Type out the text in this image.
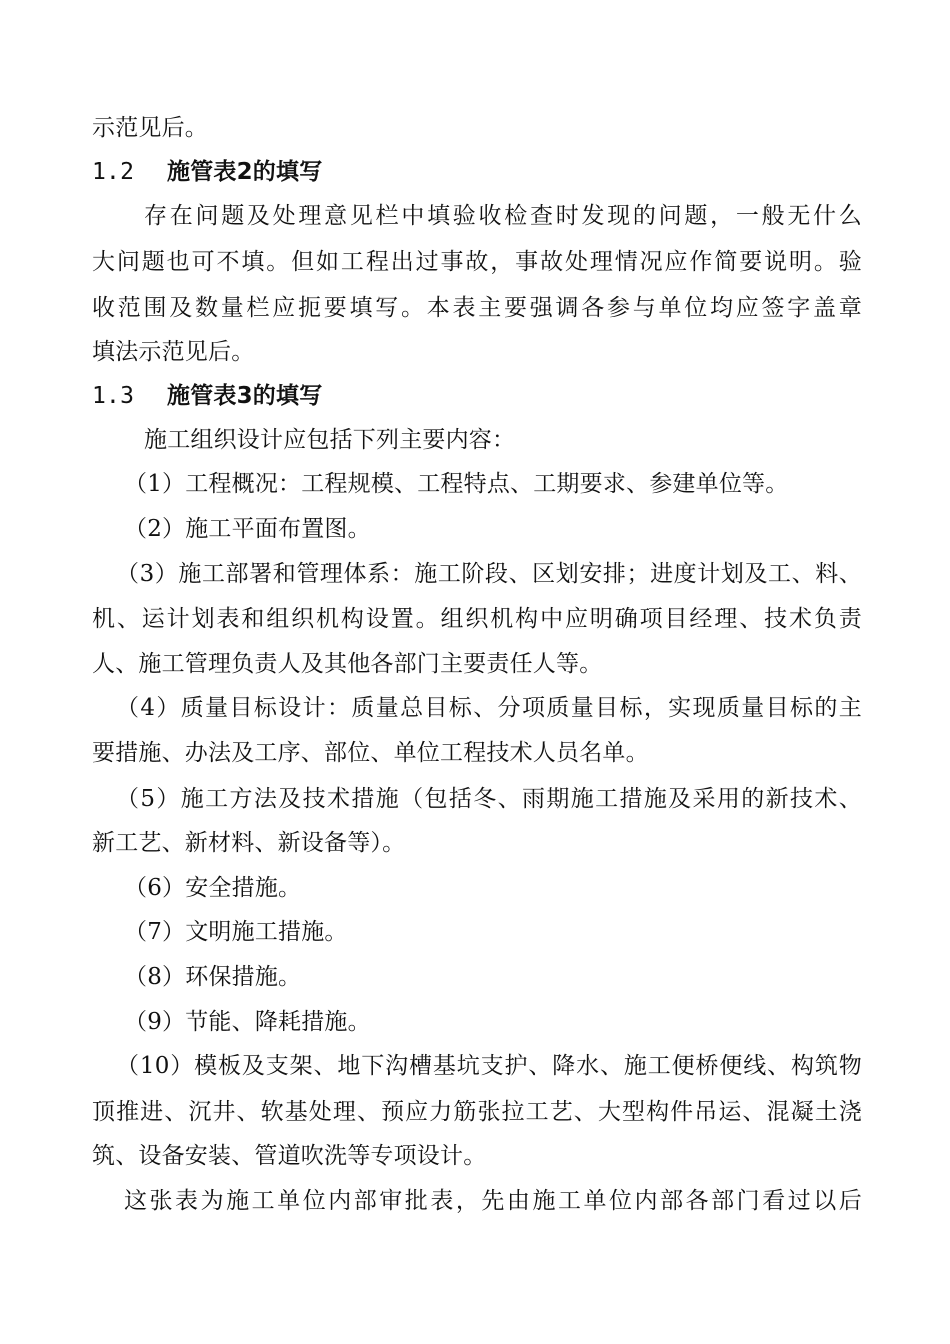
示范见后。
1.2 施管表2的填写
存在问题及处理意见栏中填验收检查时发现的问题，一般无什么
大问题也可不填。但如工程出过事故，事故处理情况应作简要说明。验
收范围及数量栏应扼要填写。本表主要强调各参与单位均应签字盖章
填法示范见后。
1.3 施管表3的填写
施工组织设计应包括下列主要内容：
（1）工程概况：工程规模、工程特点、工期要求、参建单位等。
（2）施工平面布置图。
（3）施工部署和管理体系：施工阶段、区划安排；进度计划及工、料、
机、运计划表和组织机构设置。组织机构中应明确项目经理、技术负责
人、施工管理负责人及其他各部门主要责任人等。
（4）质量目标设计：质量总目标、分项质量目标，实现质量目标的主
要措施、办法及工序、部位、单位工程技术人员名单。
（5）施工方法及技术措施（包括冬、雨期施工措施及采用的新技术、
新工艺、新材料、新设备等）。
（6）安全措施。
（7）文明施工措施。
（8）环保措施。
（9）节能、降耗措施。
（10）模板及支架、地下沟槽基坑支护、降水、施工便桥便线、构筑物
顶推进、沉井、软基处理、预应力筋张拉工艺、大型构件吊运、混凝土浇
筑、设备安装、管道吹洗等专项设计。
这张表为施工单位内部审批表，先由施工单位内部各部门看过以后
